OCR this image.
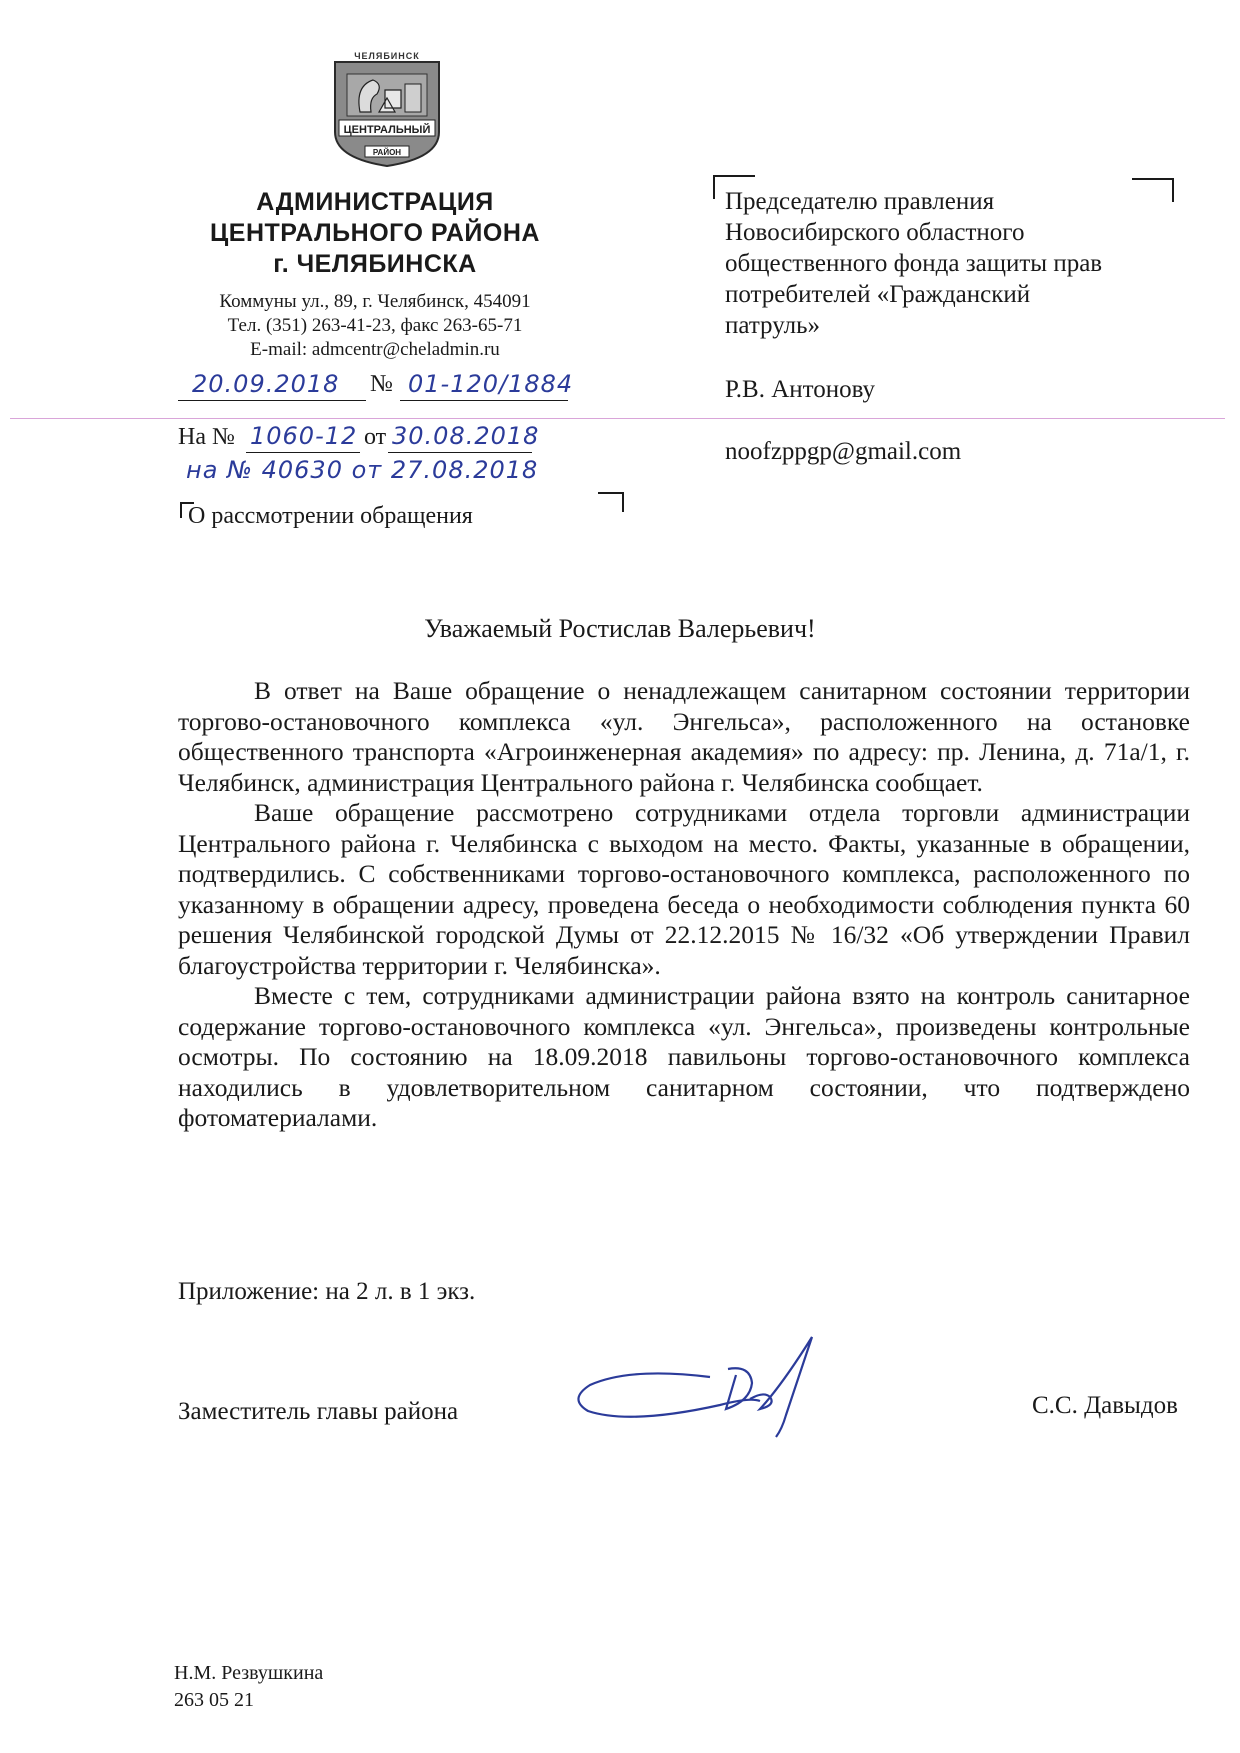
ЧЕЛЯБИНСК
ЦЕНТРАЛЬНЫЙ
РАЙОН
АДМИНИСТРАЦИЯ
ЦЕНТРАЛЬНОГО РАЙОНА
г. ЧЕЛЯБИНСКА
Коммуны ул., 89, г. Челябинск, 454091
Тел. (351) 263-41-23, факс 263-65-71
E-mail: admcentr@cheladmin.ru
20.09.2018 № 01-120/1884
На № 1060-12 от 30.08.2018
на № 40630 от 27.08.2018
О рассмотрении обращения
Председателю правления
Новосибирского областного
общественного фонда защиты прав
потребителей «Гражданский
патруль»
Р.В. Антонову
noofzppgp@gmail.com
Уважаемый Ростислав Валерьевич!

В ответ на Ваше обращение о ненадлежащем санитарном состоянии территории торгово-остановочного комплекса «ул. Энгельса», расположенного на остановке общественного транспорта «Агроинженерная академия» по адресу: пр. Ленина, д. 71а/1, г. Челябинск, администрация Центрального района г. Челябинска сообщает.

Ваше обращение рассмотрено сотрудниками отдела торговли администрации Центрального района г. Челябинска с выходом на место. Факты, указанные в обращении, подтвердились. С собственниками торгово-остановочного комплекса, расположенного по указанному в обращении адресу, проведена беседа о необходимости соблюдения пункта 60 решения Челябинской городской Думы от 22.12.2015 № 16/32 «Об утверждении Правил благоустройства территории г. Челябинска».

Вместе с тем, сотрудниками администрации района взято на контроль санитарное содержание торгово-остановочного комплекса «ул. Энгельса», произведены контрольные осмотры. По состоянию на 18.09.2018 павильоны торгово-остановочного комплекса находились в удовлетворительном санитарном состоянии, что подтверждено фотоматериалами.

Приложение: на 2 л. в 1 экз.
Заместитель главы района	С.С. Давыдов
Н.М. Резвушкина
263 05 21
